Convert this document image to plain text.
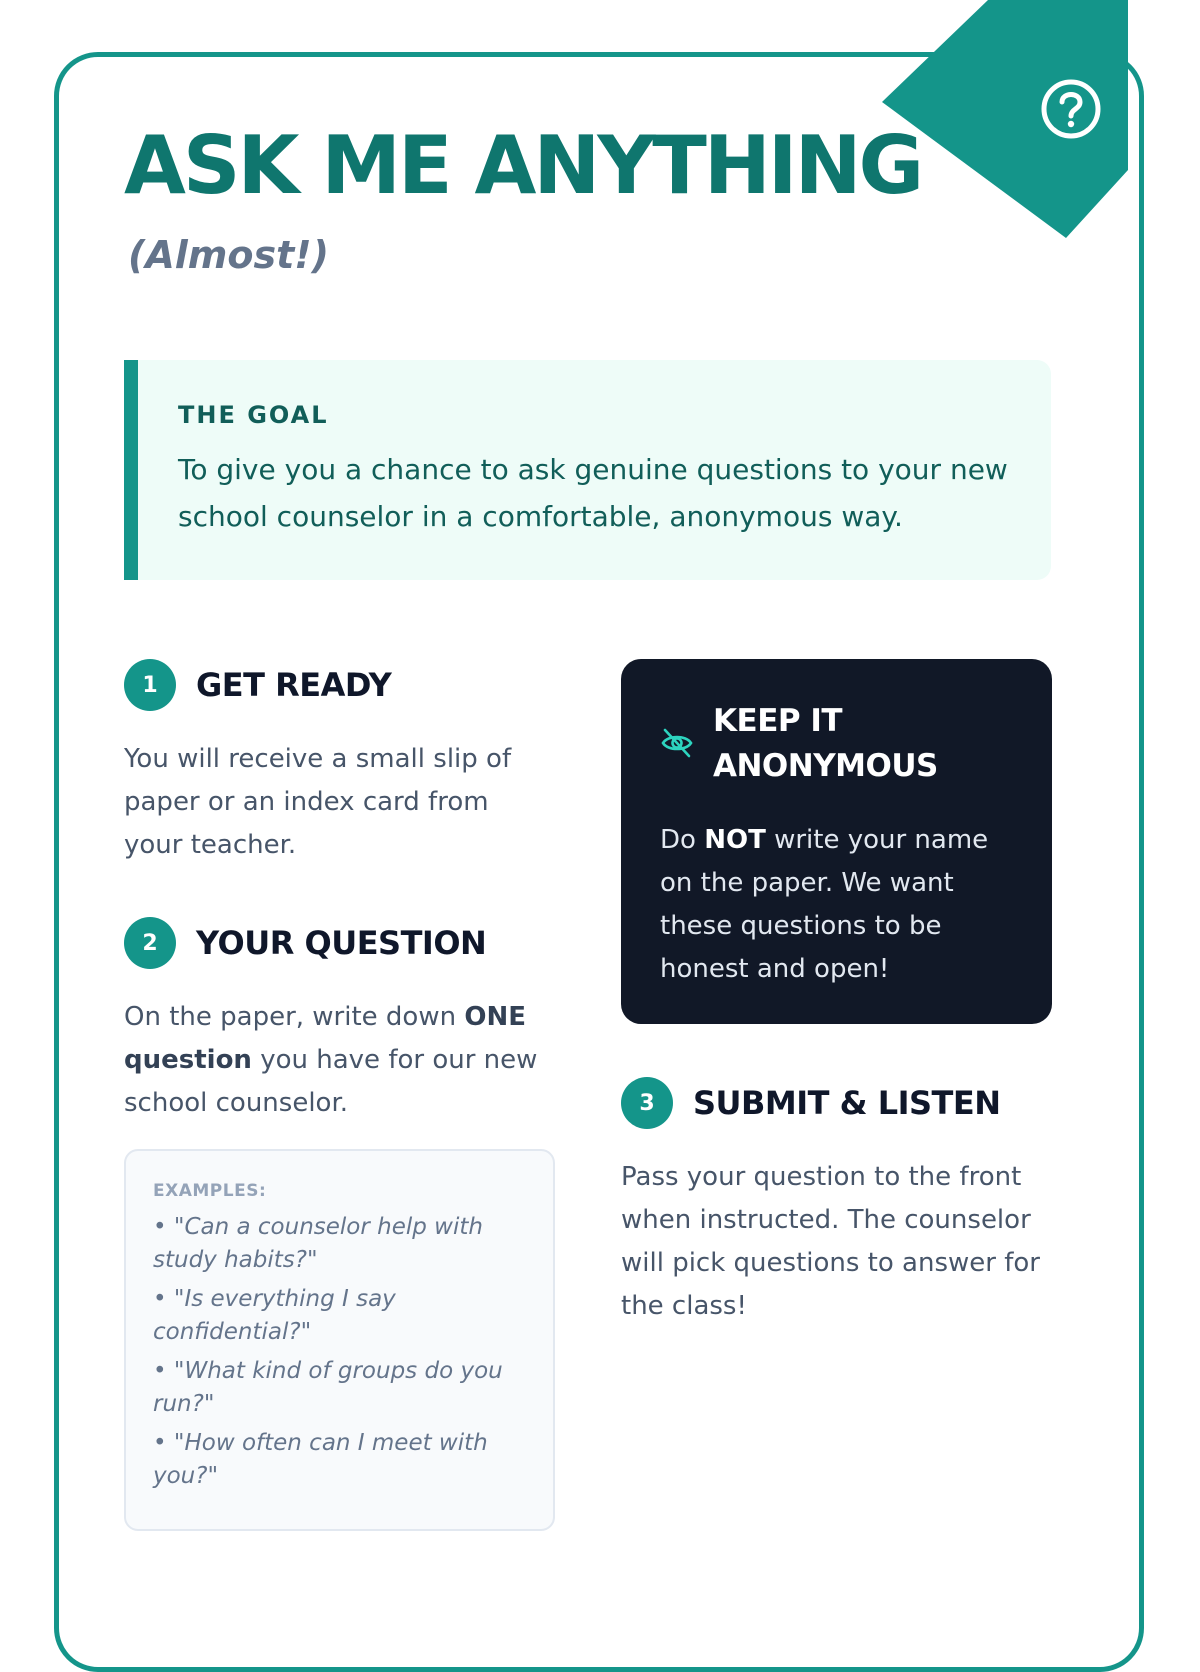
ASK ME ANYTHING

(Almost!)

THE GOAL

To give you a chance to ask genuine questions to your new school counselor in a comfortable, anonymous way.

1	GET READY

You will receive a small slip of paper or an index card from your teacher.

2	YOUR QUESTION

On the paper, write down ONE question you have for our new school counselor.

EXAMPLES:

• "Can a counselor help with study habits?"
• "Is everything I say confidential?"
• "What kind of groups do you run?"
• "How often can I meet with you?"

KEEP IT ANONYMOUS

Do NOT write your name on the paper. We want these questions to be honest and open!

3	SUBMIT & LISTEN

Pass your question to the front when instructed. The counselor will pick questions to answer for the class!
